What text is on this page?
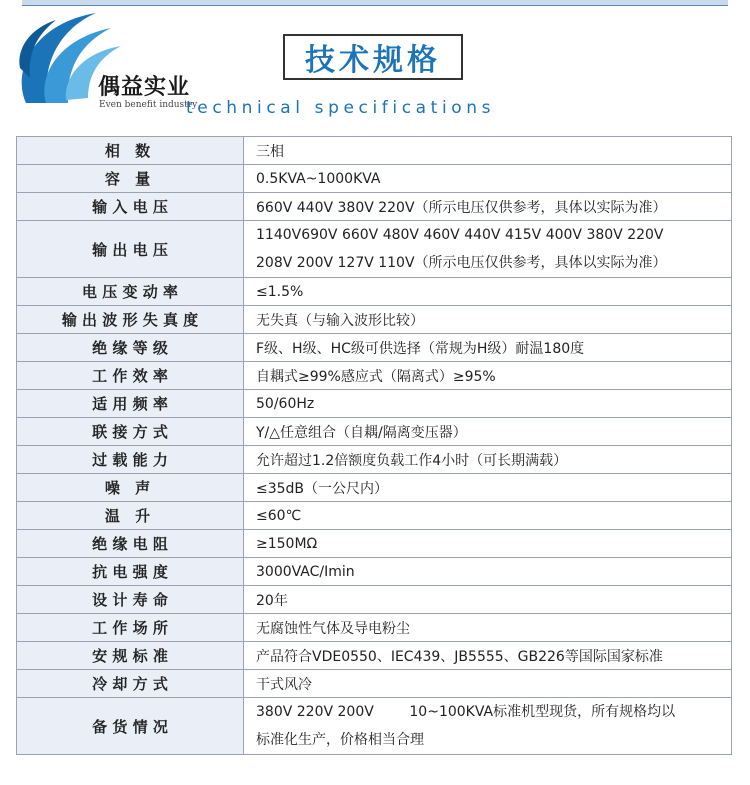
偶益实业
Even benefit industry
技术规格
technical specifications
相 数	三相
容 量	0.5KVA~1000KVA
输 入 电 压	660V 440V 380V 220V（所示电压仅供参考，具体以实际为准）
输 出 电 压	1140V690V 660V 480V 460V 440V 415V 400V 380V 220V
208V 200V 127V 110V（所示电压仅供参考，具体以实际为准）

电 压 变 动 率	≤1.5%
输 出 波 形 失 真 度	无失真（与输入波形比较）
绝 缘 等 级	F级、H级、HC级可供选择（常规为H级）耐温180度
工 作 效 率	自耦式≥99%感应式（隔离式）≥95%
适 用 频 率	50/60Hz
联 接 方 式	Y/△任意组合（自耦/隔离变压器）
过 载 能 力	允许超过1.2倍额度负载工作4小时（可长期满载）
噪 声	≤35dB（一公尺内）
温 升	≤60℃
绝 缘 电 阻	≥150MΩ
抗 电 强 度	3000VAC/Imin
设 计 寿 命	20年
工 作 场 所	无腐蚀性气体及导电粉尘
安 规 标 准	产品符合VDE0550、IEC439、JB5555、GB226等国际国家标准
冷 却 方 式	干式风冷
备 货 情 况	380V 220V 200V        10~100KVA标准机型现货，所有规格均以
标准化生产，价格相当合理
